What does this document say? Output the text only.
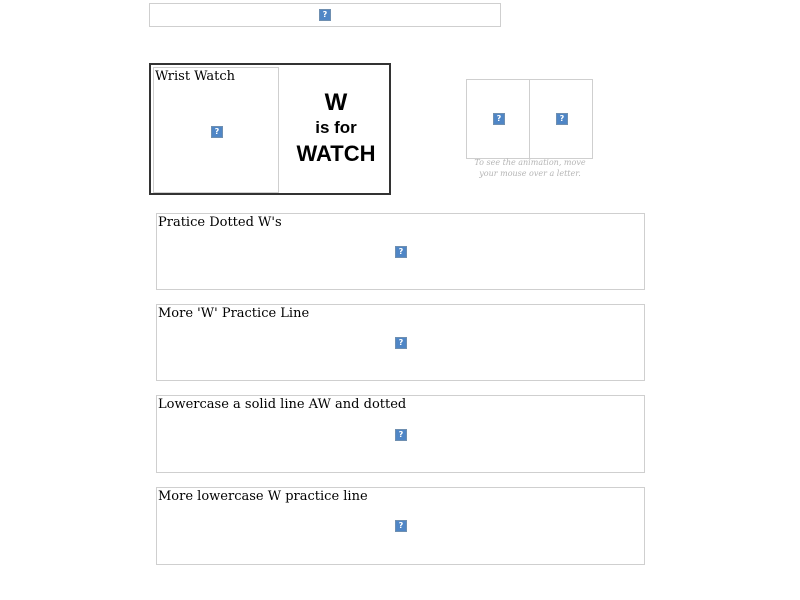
?
Wrist Watch
?
W
is for
WATCH
?	?
To see the animation, move your mouse over a letter.
Pratice Dotted W's
?
More 'W' Practice Line
?
Lowercase a solid line AW and dotted
?
More lowercase W practice line
?
